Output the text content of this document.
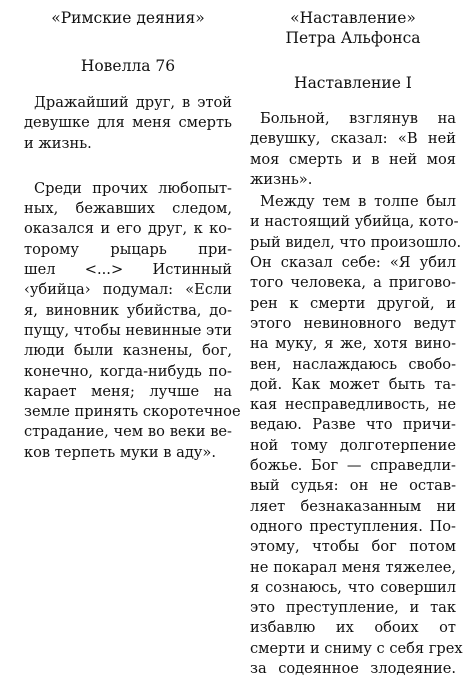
«Римские деяния»

Новелла 76

Дражайший друг, в этой
девушке для меня смерть
и жизнь.
Среди прочих любопыт-
ных, бежавших следом,
оказался и его друг, к ко-
торому рыцарь при-
шел <...> Истинный
‹убийца› подумал: «Если
я, виновник убийства, до-
пущу, чтобы невинные эти
люди были казнены, бог,
конечно, когда-нибудь по-
карает меня; лучше на
земле принять скоротечное
страдание, чем во веки ве-
ков терпеть муки в аду».

«Наставление»

Петра Альфонса

Наставление I

Больной, взглянув на
девушку, сказал: «В ней
моя смерть и в ней моя
жизнь».
Между тем в толпе был
и настоящий убийца, кото-
рый видел, что произошло.
Он сказал себе: «Я убил
того человека, а пригово-
рен к смерти другой, и
этого невиновного ведут
на муку, я же, хотя вино-
вен, наслаждаюсь свобо-
дой. Как может быть та-
кая несправедливость, не
ведаю. Разве что причи-
ной тому долготерпение
божье. Бог — справедли-
вый судья: он не остав-
ляет безнаказанным ни
одного преступления. По-
этому, чтобы бог потом
не покарал меня тяжелее,
я сознаюсь, что совершил
это преступление, и так
избавлю их обоих от
смерти и сниму с себя грех
за содеянное злодеяние.
